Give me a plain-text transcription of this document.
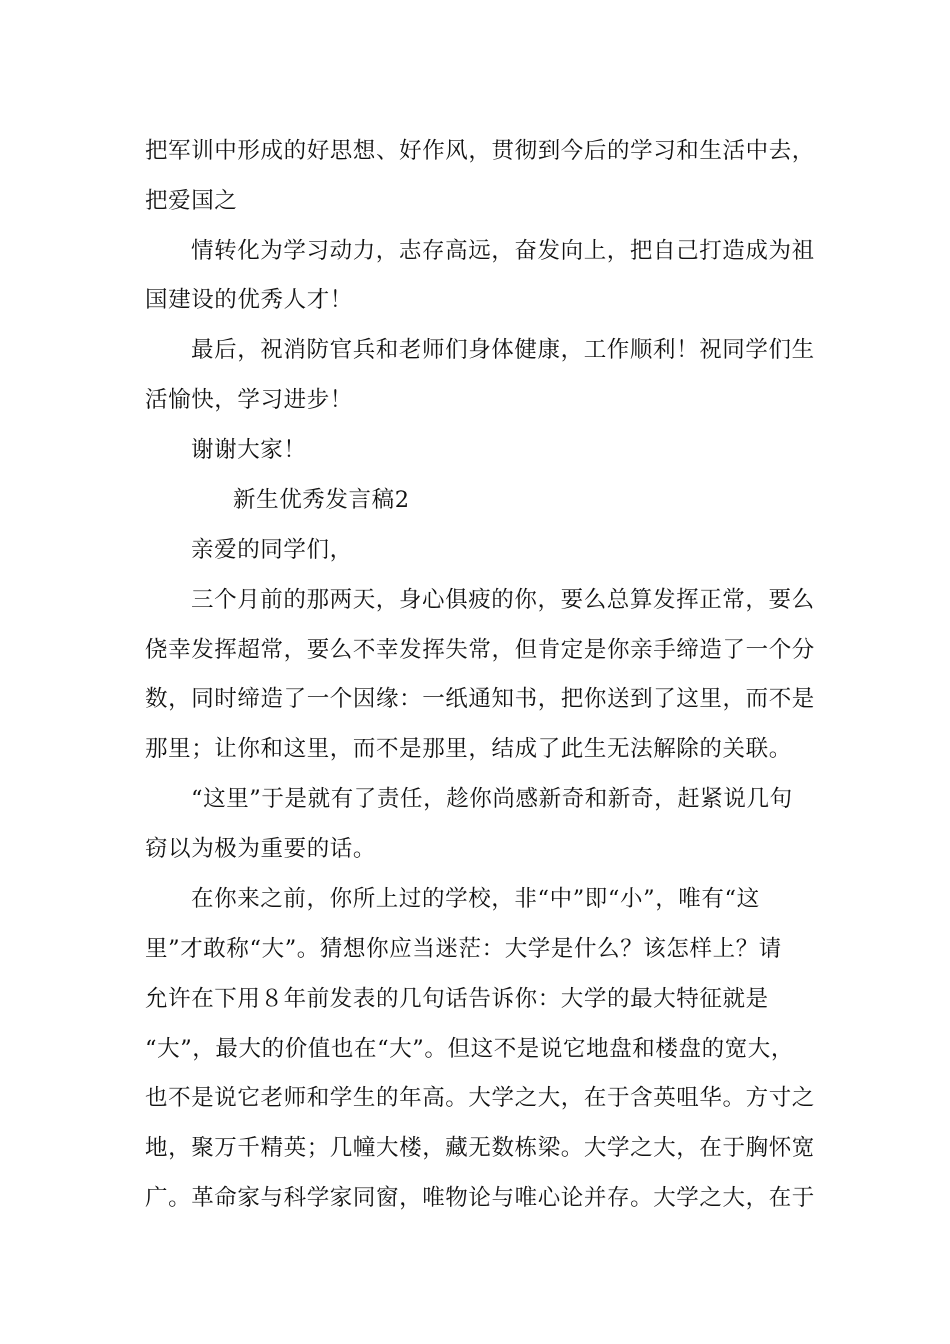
把军训中形成的好思想、好作风，贯彻到今后的学习和生活中去，
把爱国之
情转化为学习动力，志存高远，奋发向上，把自己打造成为祖
国建设的优秀人才！
最后，祝消防官兵和老师们身体健康，工作顺利！祝同学们生
活愉快，学习进步！
谢谢大家！
新生优秀发言稿2
亲爱的同学们，
三个月前的那两天，身心俱疲的你，要么总算发挥正常，要么
侥幸发挥超常，要么不幸发挥失常，但肯定是你亲手缔造了一个分
数，同时缔造了一个因缘：一纸通知书，把你送到了这里，而不是
那里；让你和这里，而不是那里，结成了此生无法解除的关联。
“这里”于是就有了责任，趁你尚感新奇和新奇，赶紧说几句
窃以为极为重要的话。
在你来之前，你所上过的学校，非“中”即“小”，唯有“这
里”才敢称“大”。猜想你应当迷茫：大学是什么？该怎样上？请
允许在下用８年前发表的几句话告诉你：大学的最大特征就是
“大”，最大的价值也在“大”。但这不是说它地盘和楼盘的宽大，
也不是说它老师和学生的年高。大学之大，在于含英咀华。方寸之
地，聚万千精英；几幢大楼，藏无数栋梁。大学之大，在于胸怀宽
广。革命家与科学家同窗，唯物论与唯心论并存。大学之大，在于
